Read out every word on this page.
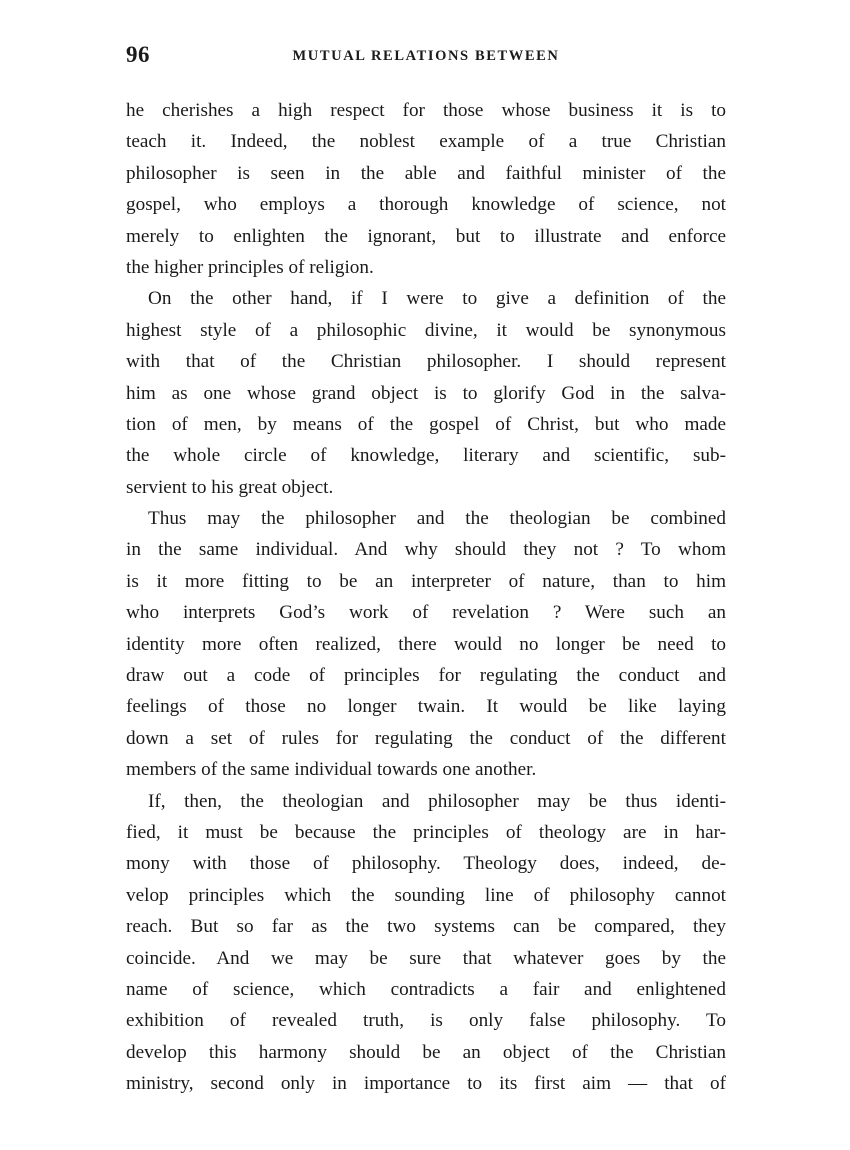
96	MUTUAL RELATIONS BETWEEN
he cherishes a high respect for those whose business it is to
teach it. Indeed, the noblest example of a true Christian
philosopher is seen in the able and faithful minister of the
gospel, who employs a thorough knowledge of science, not
merely to enlighten the ignorant, but to illustrate and enforce
the higher principles of religion.
On the other hand, if I were to give a definition of the
highest style of a philosophic divine, it would be synonymous
with that of the Christian philosopher. I should represent
him as one whose grand object is to glorify God in the salva-
tion of men, by means of the gospel of Christ, but who made
the whole circle of knowledge, literary and scientific, sub-
servient to his great object.
Thus may the philosopher and the theologian be combined
in the same individual. And why should they not ? To whom
is it more fitting to be an interpreter of nature, than to him
who interprets God’s work of revelation ? Were such an
identity more often realized, there would no longer be need to
draw out a code of principles for regulating the conduct and
feelings of those no longer twain. It would be like laying
down a set of rules for regulating the conduct of the different
members of the same individual towards one another.
If, then, the theologian and philosopher may be thus identi-
fied, it must be because the principles of theology are in har-
mony with those of philosophy. Theology does, indeed, de-
velop principles which the sounding line of philosophy cannot
reach. But so far as the two systems can be compared, they
coincide. And we may be sure that whatever goes by the
name of science, which contradicts a fair and enlightened
exhibition of revealed truth, is only false philosophy. To
develop this harmony should be an object of the Christian
ministry, second only in importance to its first aim — that of
